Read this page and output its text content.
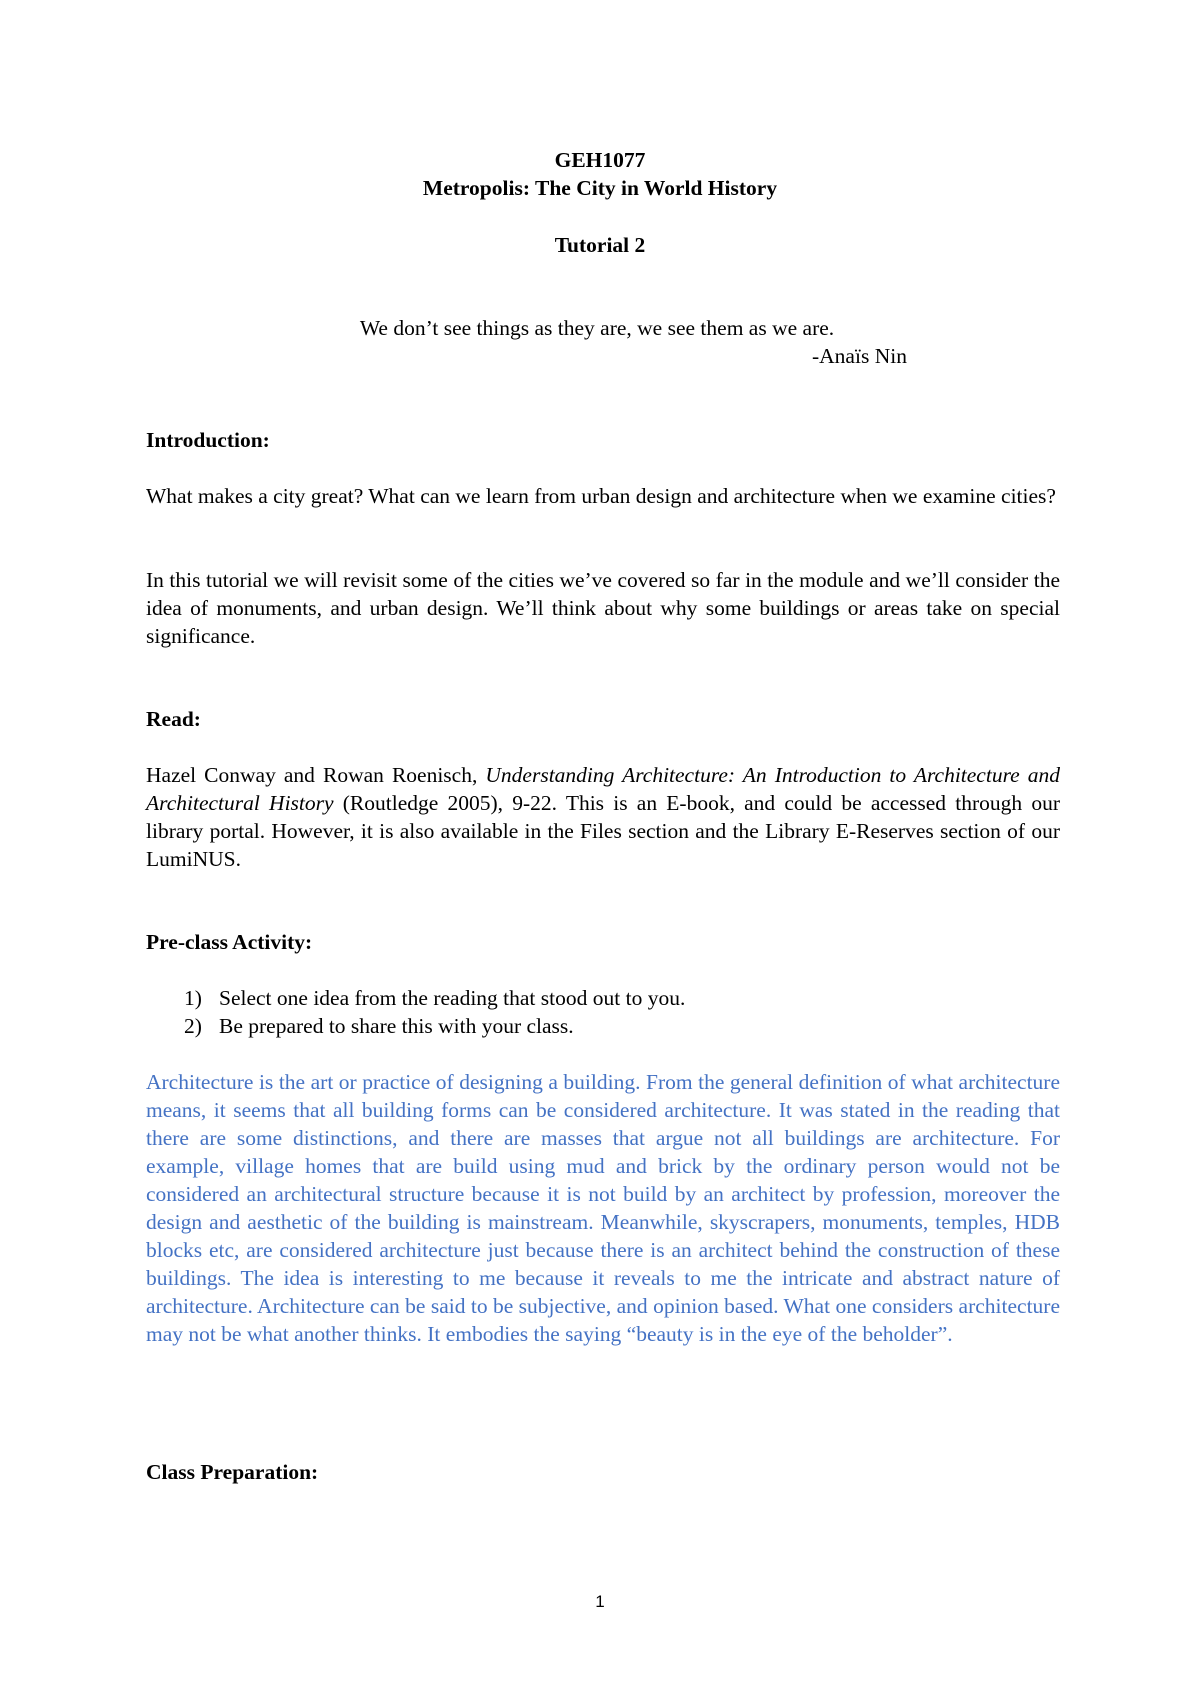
GEH1077
Metropolis: The City in World History
Tutorial 2
We don’t see things as they are, we see them as we are.
-Anaïs Nin
Introduction:
What makes a city great? What can we learn from urban design and architecture when we examine cities?
In this tutorial we will revisit some of the cities we’ve covered so far in the module and we’ll consider the idea of monuments, and urban design. We’ll think about why some buildings or areas take on special significance.
Read:
Hazel Conway and Rowan Roenisch, Understanding Architecture: An Introduction to Architecture and Architectural History (Routledge 2005), 9-22. This is an E-book, and could be accessed through our library portal. However, it is also available in the Files section and the Library E-Reserves section of our LumiNUS.
Pre-class Activity:
1) Select one idea from the reading that stood out to you.
2) Be prepared to share this with your class.
Architecture is the art or practice of designing a building. From the general definition of what architecture means, it seems that all building forms can be considered architecture. It was stated in the reading that there are some distinctions, and there are masses that argue not all buildings are architecture. For example, village homes that are build using mud and brick by the ordinary person would not be considered an architectural structure because it is not build by an architect by profession, moreover the design and aesthetic of the building is mainstream. Meanwhile, skyscrapers, monuments, temples, HDB blocks etc, are considered architecture just because there is an architect behind the construction of these buildings. The idea is interesting to me because it reveals to me the intricate and abstract nature of architecture. Architecture can be said to be subjective, and opinion based. What one considers architecture may not be what another thinks. It embodies the saying “beauty is in the eye of the beholder”.
Class Preparation:
1
